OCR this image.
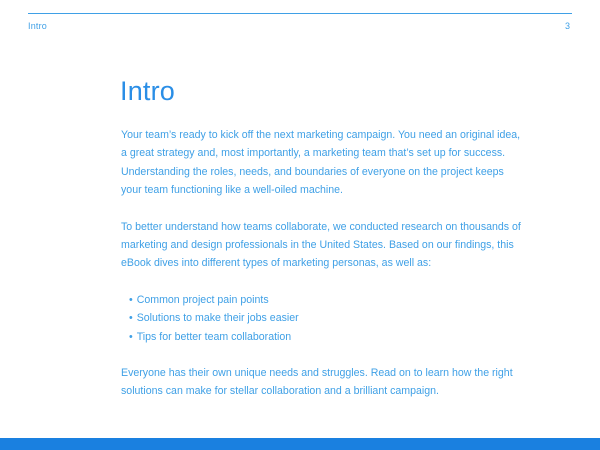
Intro	3
Intro

Your team’s ready to kick off the next marketing campaign. You need an original idea, a great strategy and, most importantly, a marketing team that’s set up for success. Understanding the roles, needs, and boundaries of everyone on the project keeps your team functioning like a well-oiled machine.

To better understand how teams collaborate, we conducted research on thousands of marketing and design professionals in the United States. Based on our findings, this eBook dives into different types of marketing personas, as well as:

• Common project pain points
• Solutions to make their jobs easier
• Tips for better team collaboration

Everyone has their own unique needs and struggles. Read on to learn how the right solutions can make for stellar collaboration and a brilliant campaign.
